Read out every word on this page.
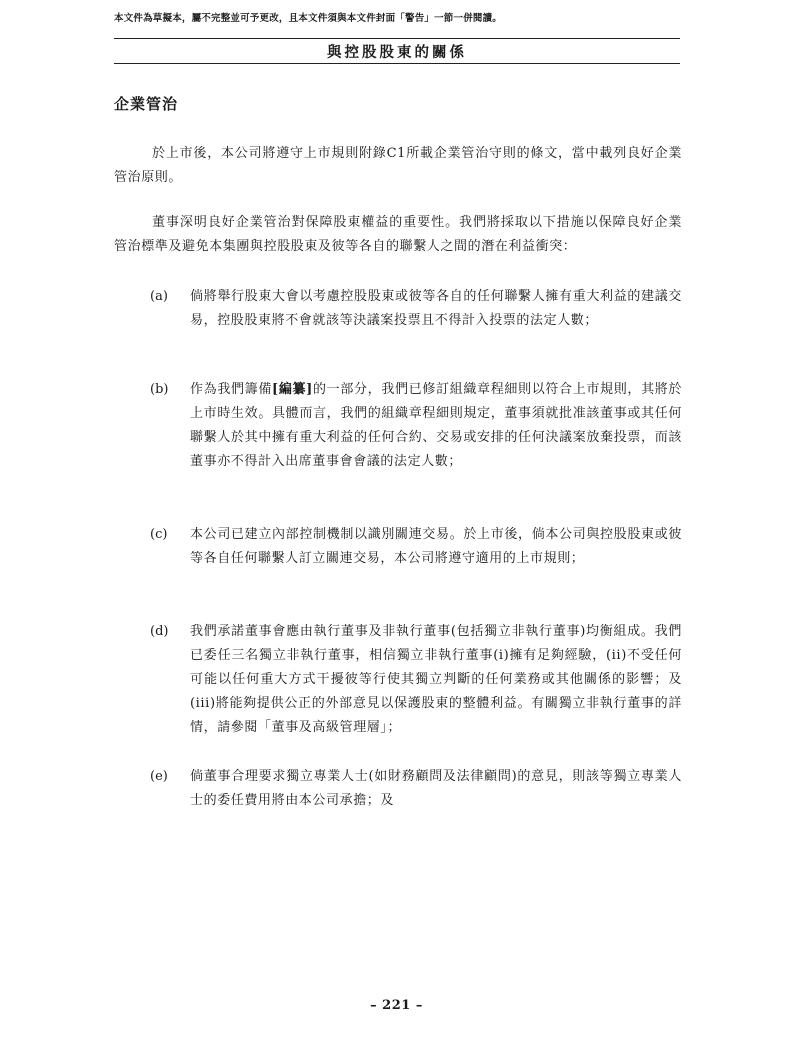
本文件為草擬本，屬不完整並可予更改，且本文件須與本文件封面「警告」一節一併閱讀。
與控股股東的關係
企業管治

於上市後，本公司將遵守上市規則附錄C1所載企業管治守則的條文，當中載列良好企業管治原則。

董事深明良好企業管治對保障股東權益的重要性。我們將採取以下措施以保障良好企業管治標準及避免本集團與控股股東及彼等各自的聯繫人之間的潛在利益衝突：

(a)	倘將舉行股東大會以考慮控股股東或彼等各自的任何聯繫人擁有重大利益的建議交易，控股股東將不會就該等決議案投票且不得計入投票的法定人數；
(b)	作為我們籌備[編纂]的一部分，我們已修訂組織章程細則以符合上市規則，其將於上市時生效。具體而言，我們的組織章程細則規定，董事須就批准該董事或其任何聯繫人於其中擁有重大利益的任何合約、交易或安排的任何決議案放棄投票，而該董事亦不得計入出席董事會會議的法定人數；
(c)	本公司已建立內部控制機制以識別關連交易。於上市後，倘本公司與控股股東或彼等各自任何聯繫人訂立關連交易，本公司將遵守適用的上市規則；
(d)	我們承諾董事會應由執行董事及非執行董事(包括獨立非執行董事)均衡組成。我們已委任三名獨立非執行董事，相信獨立非執行董事(i)擁有足夠經驗，(ii)不受任何可能以任何重大方式干擾彼等行使其獨立判斷的任何業務或其他關係的影響；及(iii)將能夠提供公正的外部意見以保護股東的整體利益。有關獨立非執行董事的詳情，請參閱「董事及高級管理層」；
(e)	倘董事合理要求獨立專業人士(如財務顧問及法律顧問)的意見，則該等獨立專業人士的委任費用將由本公司承擔；及
– 221 –
